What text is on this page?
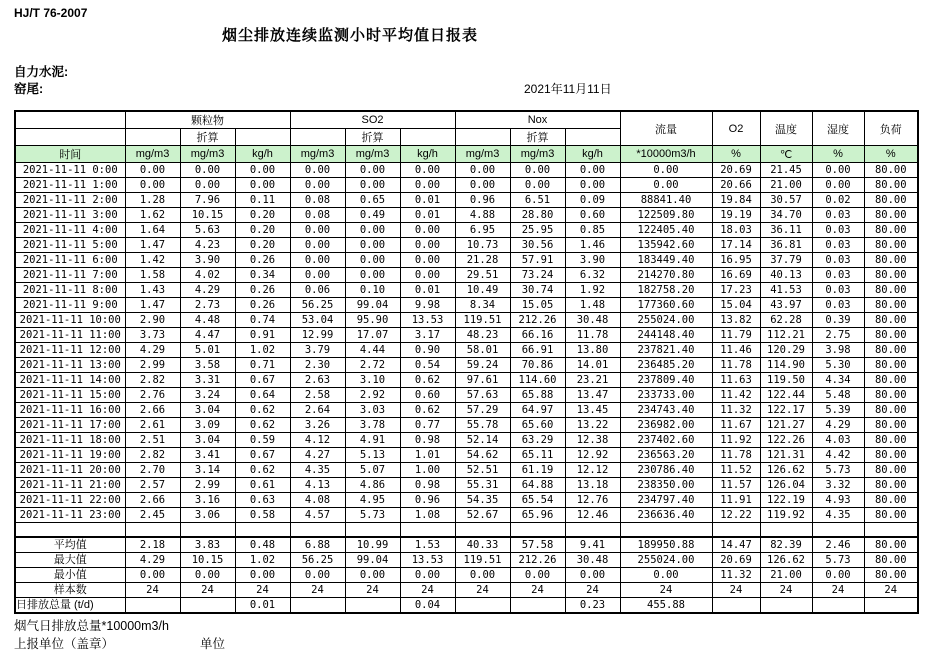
HJ/T 76-2007
烟尘排放连续监测小时平均值日报表
自力水泥:
窑尾:	2021年11月11日
	颗粒物			SO2			Nox			流量	O2	温度	湿度	负荷
		折算			折算			折算						
时间	mg/m3	mg/m3	kg/h	mg/m3	mg/m3	kg/h	mg/m3	mg/m3	kg/h	*10000m3/h	%	℃	%	%
2021-11-11 0:00	0.00	0.00	0.00	0.00	0.00	0.00	0.00	0.00	0.00	0.00	20.69	21.45	0.00	80.00
2021-11-11 1:00	0.00	0.00	0.00	0.00	0.00	0.00	0.00	0.00	0.00	0.00	20.66	21.00	0.00	80.00
2021-11-11 2:00	1.28	7.96	0.11	0.08	0.65	0.01	0.96	6.51	0.09	88841.40	19.84	30.57	0.02	80.00
2021-11-11 3:00	1.62	10.15	0.20	0.08	0.49	0.01	4.88	28.80	0.60	122509.80	19.19	34.70	0.03	80.00
2021-11-11 4:00	1.64	5.63	0.20	0.00	0.00	0.00	6.95	25.95	0.85	122405.40	18.03	36.11	0.03	80.00
2021-11-11 5:00	1.47	4.23	0.20	0.00	0.00	0.00	10.73	30.56	1.46	135942.60	17.14	36.81	0.03	80.00
2021-11-11 6:00	1.42	3.90	0.26	0.00	0.00	0.00	21.28	57.91	3.90	183449.40	16.95	37.79	0.03	80.00
2021-11-11 7:00	1.58	4.02	0.34	0.00	0.00	0.00	29.51	73.24	6.32	214270.80	16.69	40.13	0.03	80.00
2021-11-11 8:00	1.43	4.29	0.26	0.06	0.10	0.01	10.49	30.74	1.92	182758.20	17.23	41.53	0.03	80.00
2021-11-11 9:00	1.47	2.73	0.26	56.25	99.04	9.98	8.34	15.05	1.48	177360.60	15.04	43.97	0.03	80.00
2021-11-11 10:00	2.90	4.48	0.74	53.04	95.90	13.53	119.51	212.26	30.48	255024.00	13.82	62.28	0.39	80.00
2021-11-11 11:00	3.73	4.47	0.91	12.99	17.07	3.17	48.23	66.16	11.78	244148.40	11.79	112.21	2.75	80.00
2021-11-11 12:00	4.29	5.01	1.02	3.79	4.44	0.90	58.01	66.91	13.80	237821.40	11.46	120.29	3.98	80.00
2021-11-11 13:00	2.99	3.58	0.71	2.30	2.72	0.54	59.24	70.86	14.01	236485.20	11.78	114.90	5.30	80.00
2021-11-11 14:00	2.82	3.31	0.67	2.63	3.10	0.62	97.61	114.60	23.21	237809.40	11.63	119.50	4.34	80.00
2021-11-11 15:00	2.76	3.24	0.64	2.58	2.92	0.60	57.63	65.88	13.47	233733.00	11.42	122.44	5.48	80.00
2021-11-11 16:00	2.66	3.04	0.62	2.64	3.03	0.62	57.29	64.97	13.45	234743.40	11.32	122.17	5.39	80.00
2021-11-11 17:00	2.61	3.09	0.62	3.26	3.78	0.77	55.78	65.60	13.22	236982.00	11.67	121.27	4.29	80.00
2021-11-11 18:00	2.51	3.04	0.59	4.12	4.91	0.98	52.14	63.29	12.38	237402.60	11.92	122.26	4.03	80.00
2021-11-11 19:00	2.82	3.41	0.67	4.27	5.13	1.01	54.62	65.11	12.92	236563.20	11.78	121.31	4.42	80.00
2021-11-11 20:00	2.70	3.14	0.62	4.35	5.07	1.00	52.51	61.19	12.12	230786.40	11.52	126.62	5.73	80.00
2021-11-11 21:00	2.57	2.99	0.61	4.13	4.86	0.98	55.31	64.88	13.18	238350.00	11.57	126.04	3.32	80.00
2021-11-11 22:00	2.66	3.16	0.63	4.08	4.95	0.96	54.35	65.54	12.76	234797.40	11.91	122.19	4.93	80.00
2021-11-11 23:00	2.45	3.06	0.58	4.57	5.73	1.08	52.67	65.96	12.46	236636.40	12.22	119.92	4.35	80.00

平均值	2.18	3.83	0.48	6.88	10.99	1.53	40.33	57.58	9.41	189950.88	14.47	82.39	2.46	80.00
最大值	4.29	10.15	1.02	56.25	99.04	13.53	119.51	212.26	30.48	255024.00	20.69	126.62	5.73	80.00
最小值	0.00	0.00	0.00	0.00	0.00	0.00	0.00	0.00	0.00	0.00	11.32	21.00	0.00	80.00
样本数	24	24	24	24	24	24	24	24	24	24	24	24	24	24
日排放总量 (t/d)			0.01			0.04			0.23	455.88				
烟气日排放总量*10000m3/h
上报单位（盖章）	单位
